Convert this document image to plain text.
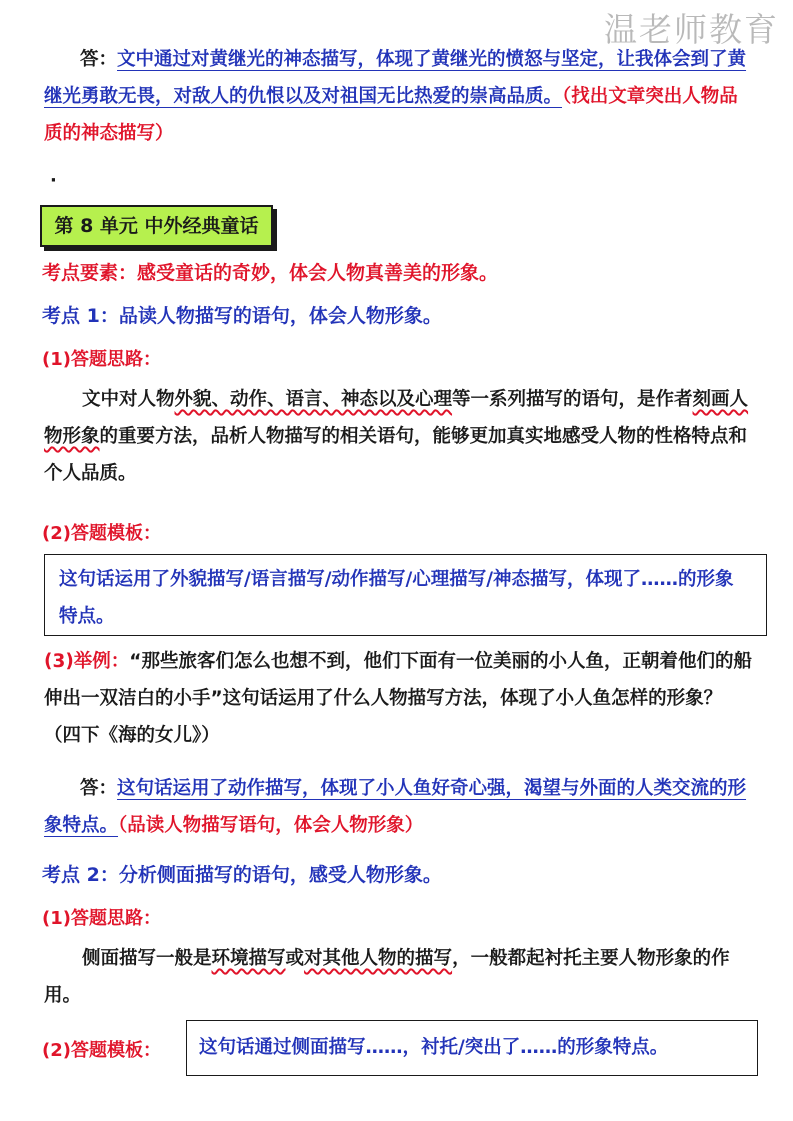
温老师教育

答：文中通过对黄继光的神态描写，体现了黄继光的愤怒与坚定，让我体会到了黄继光勇敢无畏，对敌人的仇恨以及对祖国无比热爱的崇高品质。（找出文章突出人物品质的神态描写）

·
第 8 单元 中外经典童话
考点要素：感受童话的奇妙，体会人物真善美的形象。
考点 1：品读人物描写的语句，体会人物形象。
(1)答题思路：

文中对人物外貌、动作、语言、神态以及心理等一系列描写的语句，是作者刻画人物形象的重要方法，品析人物描写的相关语句，能够更加真实地感受人物的性格特点和个人品质。

(2)答题模板：
这句话运用了外貌描写/语言描写/动作描写/心理描写/神态描写，体现了……的形象特点。

(3)举例：“那些旅客们怎么也想不到，他们下面有一位美丽的小人鱼，正朝着他们的船伸出一双洁白的小手”这句话运用了什么人物描写方法，体现了小人鱼怎样的形象？（四下《海的女儿》）

答：这句话运用了动作描写，体现了小人鱼好奇心强，渴望与外面的人类交流的形象特点。（品读人物描写语句，体会人物形象）

考点 2：分析侧面描写的语句，感受人物形象。
(1)答题思路：

侧面描写一般是环境描写或对其他人物的描写，一般都起衬托主要人物形象的作用。

(2)答题模板：	这句话通过侧面描写……，衬托/突出了……的形象特点。
